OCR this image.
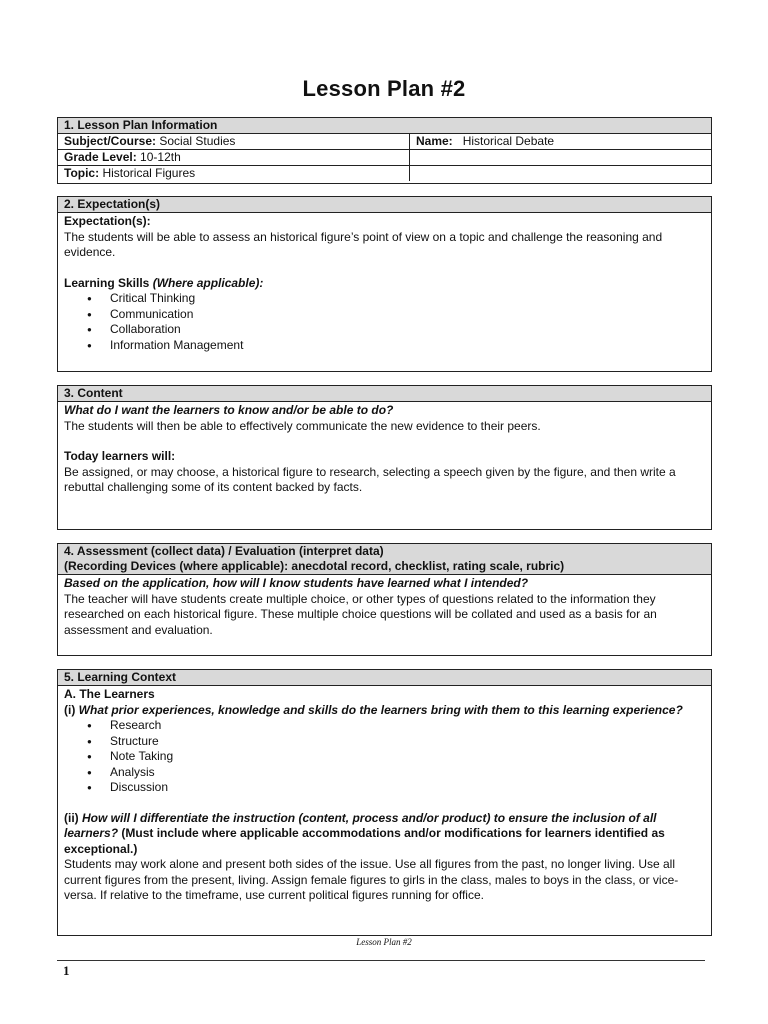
Lesson Plan #2
1. Lesson Plan Information
Subject/Course: Social Studies	Name: Historical Debate
Grade Level: 10-12th	
Topic: Historical Figures	
2. Expectation(s)
Expectation(s):
The students will be able to assess an historical figure’s point of view on a topic and challenge the reasoning and evidence.
Learning Skills (Where applicable):
● Critical Thinking
● Communication
● Collaboration
● Information Management
3. Content
What do I want the learners to know and/or be able to do?
The students will then be able to effectively communicate the new evidence to their peers.
Today learners will:
Be assigned, or may choose, a historical figure to research, selecting a speech given by the figure, and then write a rebuttal challenging some of its content backed by facts.
4. Assessment (collect data) / Evaluation (interpret data)
(Recording Devices (where applicable): anecdotal record, checklist, rating scale, rubric)
Based on the application, how will I know students have learned what I intended?
The teacher will have students create multiple choice, or other types of questions related to the information they researched on each historical figure. These multiple choice questions will be collated and used as a basis for an assessment and evaluation.
5. Learning Context
A. The Learners
(i) What prior experiences, knowledge and skills do the learners bring with them to this learning experience?
● Research
● Structure
● Note Taking
● Analysis
● Discussion
(ii) How will I differentiate the instruction (content, process and/or product) to ensure the inclusion of all learners? (Must include where applicable accommodations and/or modifications for learners identified as exceptional.)
Students may work alone and present both sides of the issue. Use all figures from the past, no longer living. Use all current figures from the present, living. Assign female figures to girls in the class, males to boys in the class, or vice-versa. If relative to the timeframe, use current political figures running for office.
Lesson Plan #2
1
